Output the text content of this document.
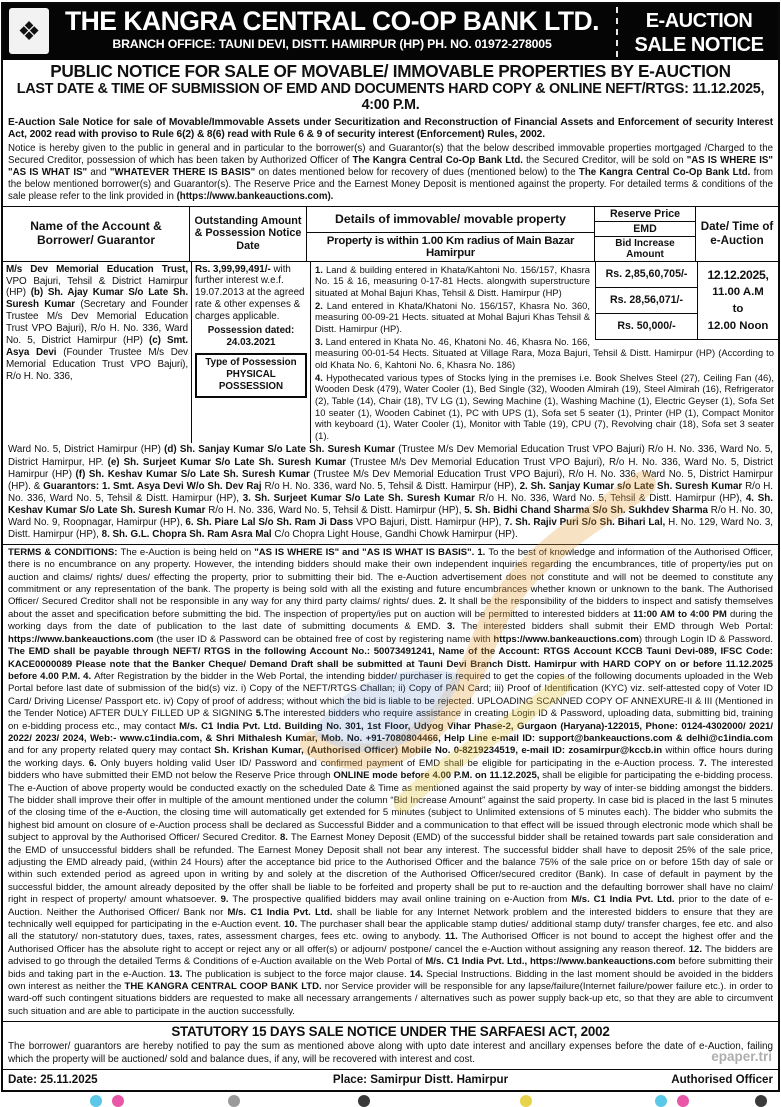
❖ THE KANGRA CENTRAL CO-OP BANK LTD.
BRANCH OFFICE: TAUNI DEVI, DISTT. HAMIRPUR (HP) PH. NO. 01972-278005
E-AUCTION
SALE NOTICE
PUBLIC NOTICE FOR SALE OF MOVABLE/ IMMOVABLE PROPERTIES BY E-AUCTION
LAST DATE & TIME OF SUBMISSION OF EMD AND DOCUMENTS HARD COPY & ONLINE NEFT/RTGS: 11.12.2025, 4:00 P.M.

E-Auction Sale Notice for sale of Movable/Immovable Assets under Securitization and Reconstruction of Financial Assets and Enforcement of security Interest Act, 2002 read with proviso to Rule 6(2) & 8(6) read with Rule 6 & 9 of security interest (Enforcement) Rules, 2002.

Notice is hereby given to the public in general and in particular to the borrower(s) and Guarantor(s) that the below described immovable properties mortgaged /Charged to the Secured Creditor, possession of which has been taken by Authorized Officer of The Kangra Central Co-Op Bank Ltd. the Secured Creditor, will be sold on "AS IS WHERE IS" "AS IS WHAT IS" and "WHATEVER THERE IS BASIS" on dates mentioned below for recovery of dues (mentioned below) to the The Kangra Central Co-Op Bank Ltd. from the below mentioned borrower(s) and Guarantor(s). The Reserve Price and the Earnest Money Deposit is mentioned against the property. For detailed terms & conditions of the sale please refer to the link provided in (https://www.bankeauctions.com).

Name of the Account & Borrower/ Guarantor
Outstanding Amount & Possession Notice Date
Details of immovable/ movable property
Property is within 1.00 Km radius of Main Bazar Hamirpur
Reserve Price
EMD
Bid Increase Amount
Date/ Time of e-Auction
M/s Dev Memorial Education Trust, VPO Bajuri, Tehsil & District Hamirpur (HP) (b) Sh. Ajay Kumar S/o Late Sh. Suresh Kumar (Secretary and Founder Trustee M/s Dev Memorial Education Trust VPO Bajuri), R/o H. No. 336, Ward No. 5, District Hamirpur (HP) (c) Smt. Asya Devi (Founder Trustee M/s Dev Memorial Education Trust VPO Bajuri), R/o H. No. 336,
Rs. 3,99,99,491/- with further interest w.e.f. 19.07.2013 at the agreed rate & other expenses & charges applicable.
Possession dated:
24.03.2021
Type of Possession
PHYSICAL POSSESSION
Rs. 2,85,60,705/-
Rs. 28,56,071/-
Rs. 50,000/-
12.12.2025,
11.00 A.M
to
12.00 Noon

1. Land & building entered in Khata/Kahtoni No. 156/157, Khasra No. 15 & 16, measuring 0-17-81 Hects. alongwith superstructure situated at Mohal Bajuri Khas, Tehsil & Distt. Hamirpur (HP)

2. Land entered in Khata/Khatoni No. 156/157, Khasra No. 360, measuring 00-09-21 Hects. situated at Mohal Bajuri Khas Tehsil & Distt. Hamirpur (HP).

3. Land entered in Khata No. 46, Khatoni No. 46, Khasra No. 166, measuring 00-01-54 Hects. Situated at Village Rara, Moza Bajuri, Tehsil & Distt. Hamirpur (HP) (According to old Khata No. 6, Kahtoni No. 6, Khasra No. 186)

4. Hypothecated various types of Stocks lying in the premises i.e. Book Shelves Steel (27), Ceiling Fan (46), Wooden Desk (479), Water Cooler (1), Bed Single (32), Wooden Almirah (19), Steel Almirah (16), Refrigerator (2), Table (14), Chair (18), TV LG (1), Sewing Machine (1), Washing Machine (1), Electric Geyser (1), Sofa Set 10 seater (1), Wooden Cabinet (1), PC with UPS (1), Sofa set 5 seater (1), Printer (HP (1), Compact Monitor with keyboard (1), Water Cooler (1), Monitor with Table (19), CPU (7), Revolving chair (18), Sofa set 3 seater (1).

Ward No. 5, District Hamirpur (HP) (d) Sh. Sanjay Kumar S/o Late Sh. Suresh Kumar (Trustee M/s Dev Memorial Education Trust VPO Bajuri) R/o H. No. 336, Ward No. 5, District Hamirpur, HP. (e) Sh. Surjeet Kumar S/o Late Sh. Suresh Kumar (Trustee M/s Dev Memorial Education Trust VPO Bajuri), R/o H. No. 336, Ward No. 5, District Hamirpur (HP) (f) Sh. Keshav Kumar S/o Late Sh. Suresh Kumar (Trustee M/s Dev Memorial Education Trust VPO Bajuri), R/o H. No. 336, Ward No. 5, District Hamirpur (HP). & Guarantors: 1. Smt. Asya Devi W/o Sh. Dev Raj R/o H. No. 336, ward No. 5, Tehsil & Distt. Hamirpur (HP), 2. Sh. Sanjay Kumar s/o Late Sh. Suresh Kumar R/o H. No. 336, Ward No. 5, Tehsil & Distt. Hamirpur (HP), 3. Sh. Surjeet Kumar S/o Late Sh. Suresh Kumar R/o H. No. 336, Ward No. 5, Tehsil & Distt. Hamirpur (HP), 4. Sh. Keshav Kumar S/o Late Sh. Suresh Kumar R/o H. No. 336, Ward No. 5, Tehsil & Distt. Hamirpur (HP), 5. Sh. Bidhi Chand Sharma S/o Sh. Sukhdev Sharma R/o H. No. 30, Ward No. 9, Roopnagar, Hamirpur (HP), 6. Sh. Piare Lal S/o Sh. Ram Ji Dass VPO Bajuri, Distt. Hamirpur (HP), 7. Sh. Rajiv Puri S/o Sh. Bihari Lal, H. No. 129, Ward No. 3, Distt. Hamirpur (HP), 8. Sh. G.L. Chopra Sh. Ram Asra Mal C/o Chopra Light House, Gandhi Chowk Hamirpur (HP).

TERMS & CONDITIONS: The e-Auction is being held on "AS IS WHERE IS" and "AS IS WHAT IS BASIS". 1. To the best of knowledge and information of the Authorised Officer, there is no encumbrance on any property. However, the intending bidders should make their own independent inquiries regarding the encumbrances, title of property/ies put on auction and claims/ rights/ dues/ effecting the property, prior to submitting their bid. The e-Auction advertisement does not constitute and will not be deemed to constitute any commitment or any representation of the bank. The property is being sold with all the existing and future encumbrances whether known or unknown to the bank. The Authorised Officer/ Secured Creditor shall not be responsible in any way for any third party claims/ rights/ dues. 2. It shall be the responsibility of the bidders to inspect and satisfy themselves about the asset and specification before submitting the bid. The inspection of property/ies put on auction will be permitted to interested bidders at 11:00 AM to 4:00 PM during the working days from the date of publication to the last date of submitting documents & EMD. 3. The interested bidders shall submit their EMD through Web Portal: https://www.bankeauctions.com (the user ID & Password can be obtained free of cost by registering name with https://www.bankeauctions.com) through Login ID & Password. The EMD shall be payable through NEFT/ RTGS in the following Account No.: 50073491241, Name of the Account: RTGS Account KCCB Tauni Devi-089, IFSC Code: KACE0000089 Please note that the Banker Cheque/ Demand Draft shall be submitted at Tauni Devi Branch Distt. Hamirpur with HARD COPY on or before 11.12.2025 before 4.00 P.M. 4. After Registration by the bidder in the Web Portal, the intending bidder/ purchaser is required to get the copies of the following documents uploaded in the Web Portal before last date of submission of the bid(s) viz. i) Copy of the NEFT/RTGS Challan; ii) Copy of PAN Card; iii) Proof of Identification (KYC) viz. self-attested copy of Voter ID Card/ Driving License/ Passport etc. iv) Copy of proof of address; without which the bid is liable to be rejected. UPLOADING SCANNED COPY OF ANNEXURE-II & III (Mentioned in the Tender Notice) AFTER DULY FILLED UP & SIGNING 5.The interested bidders who require assistance in creating Login ID & Password, uploading data, submitting bid, training on e-bidding process etc., may contact M/s. C1 India Pvt. Ltd. Building No. 301, 1st Floor, Udyog Vihar Phase-2, Gurgaon (Haryana)-122015, Phone: 0124-4302000/ 2021/ 2022/ 2023/ 2024, Web:- www.c1india.com, & Shri Mithalesh Kumar, Mob. No. +91-7080804466, Help Line e-mail ID: support@bankeauctions.com & delhi@c1india.com and for any property related query may contact Sh. Krishan Kumar, (Authorised Officer) Mobile No. 0-8219234519, e-mail ID: zosamirpur@kccb.in within office hours during the working days. 6. Only buyers holding valid User ID/ Password and confirmed payment of EMD shall be eligible for participating in the e-Auction process. 7. The interested bidders who have submitted their EMD not below the Reserve Price through ONLINE mode before 4.00 P.M. on 11.12.2025, shall be eligible for participating the e-bidding process. The e-Auction of above property would be conducted exactly on the scheduled Date & Time as mentioned against the said property by way of inter-se bidding amongst the bidders. The bidder shall improve their offer in multiple of the amount mentioned under the column “Bid Increase Amount” against the said property. In case bid is placed in the last 5 minutes of the closing time of the e-Auction, the closing time will automatically get extended for 5 minutes (subject to Unlimited extensions of 5 minutes each). The bidder who submits the highest bid amount on closure of e-Auction process shall be declared as Successful Bidder and a communication to that effect will be issued through electronic mode which shall be subject to approval by the Authorised Officer/ Secured Creditor. 8. The Earnest Money Deposit (EMD) of the successful bidder shall be retained towards part sale consideration and the EMD of unsuccessful bidders shall be refunded. The Earnest Money Deposit shall not bear any interest. The successful bidder shall have to deposit 25% of the sale price, adjusting the EMD already paid, (within 24 Hours) after the acceptance bid price to the Authorised Officer and the balance 75% of the sale price on or before 15th day of sale or within such extended period as agreed upon in writing by and solely at the discretion of the Authorised Officer/secured creditor (Bank). In case of default in payment by the successful bidder, the amount already deposited by the offer shall be liable to be forfeited and property shall be put to re-auction and the defaulting borrower shall have no claim/ right in respect of property/ amount whatsoever. 9. The prospective qualified bidders may avail online training on e-Auction from M/s. C1 India Pvt. Ltd. prior to the date of e-Auction. Neither the Authorised Officer/ Bank nor M/s. C1 India Pvt. Ltd. shall be liable for any Internet Network problem and the interested bidders to ensure that they are technically well equipped for participating in the e-Auction event. 10. The purchaser shall bear the applicable stamp duties/ additional stamp duty/ transfer charges, fee etc. and also all the statutory/ non-statutory dues, taxes, rates, assessment charges, fees etc. owing to anybody. 11. The Authorised Officer is not bound to accept the highest offer and the Authorised Officer has the absolute right to accept or reject any or all offer(s) or adjourn/ postpone/ cancel the e-Auction without assigning any reason thereof. 12. The bidders are advised to go through the detailed Terms & Conditions of e-Auction available on the Web Portal of M/s. C1 India Pvt. Ltd., https://www.bankeauctions.com before submitting their bids and taking part in the e-Auction. 13. The publication is subject to the force major clause. 14. Special Instructions. Bidding in the last moment should be avoided in the bidders own interest as neither the THE KANGRA CENTRAL COOP BANK LTD. nor Service provider will be responsible for any lapse/failure(Internet failure/power failure etc.). in order to ward-off such contingent situations bidders are requested to make all necessary arrangements / alternatives such as power supply back-up etc, so that they are able to circumvent such situation and are able to participate in the auction successfully.
STATUTORY 15 DAYS SALE NOTICE UNDER THE SARFAESI ACT, 2002

The borrower/ guarantors are hereby notified to pay the sum as mentioned above along with upto date interest and ancillary expenses before the date of e-Auction, failing which the property will be auctioned/ sold and balance dues, if any, will be recovered with interest and cost.

Date: 25.11.2025	Place: Samirpur Distt. Hamirpur	Authorised Officer
epaper.tri
